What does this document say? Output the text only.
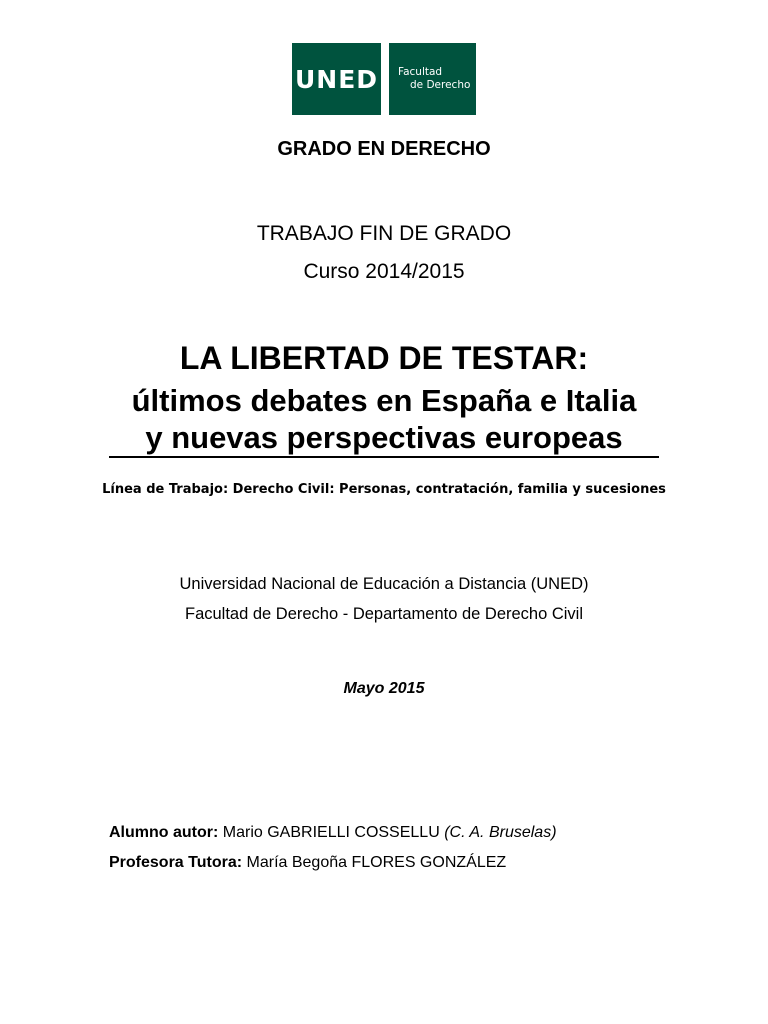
UNED Facultad
de Derecho
GRADO EN DERECHO
TRABAJO FIN DE GRADO
Curso 2014/2015
LA LIBERTAD DE TESTAR:
últimos debates en España e Italia
y nuevas perspectivas europeas
Línea de Trabajo: Derecho Civil: Personas, contratación, familia y sucesiones
Universidad Nacional de Educación a Distancia (UNED)
Facultad de Derecho - Departamento de Derecho Civil
Mayo 2015
Alumno autor: Mario GABRIELLI COSSELLU (C. A. Bruselas)
Profesora Tutora: María Begoña FLORES GONZÁLEZ
